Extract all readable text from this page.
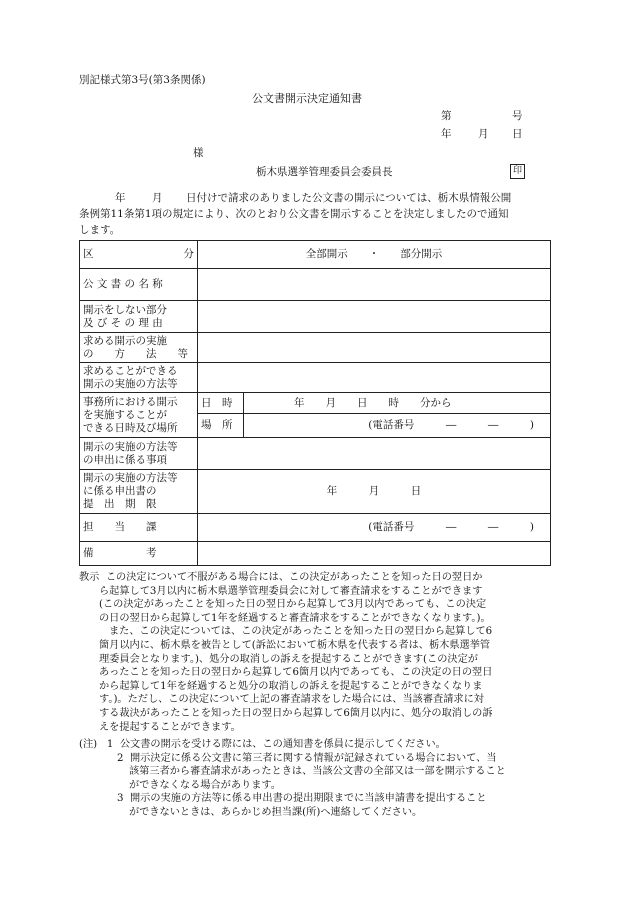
別記様式第3号(第3条関係)
公文書開示決定通知書
第	号
年	月 日
様
栃木県選挙管理委員会委員長	印
年	月 日付けで請求のありました公文書の開示については、栃木県情報公開
条例第11条第1項の規定により、次のとおり公文書を開示することを決定しましたので通知
します。
区　　　　　分	全部開示　　・　　部分開示	
公 文 書 の 名 称		

開示をしない部分
及 び そ の 理 由		

求める開示の実施
の　　方　　法　　等		

求めることができる
開示の実施の方法等		

事務所における開示
を実施することが
できる日時及び場所	日　時	年　　月　　日　　時　　分から
	場　所	(電話番号　　　―　　　―　　　)

開示の実施の方法等
の申出に係る事項		

開示の実施の方法等
に係る申出書の
提　出　期　限	年　　　月　　　日	
担　　当　　課	(電話番号　　　―　　　―　　　)	
備　　　　　考		
教示 この決定について不服がある場合には、この決定があったことを知った日の翌日か
ら起算して3月以内に栃木県選挙管理委員会に対して審査請求をすることができます
(この決定があったことを知った日の翌日から起算して3月以内であっても、この決定
の日の翌日から起算して1年を経過すると審査請求をすることができなくなります。)。
また、この決定については、この決定があったことを知った日の翌日から起算して6
箇月以内に、栃木県を被告として(訴訟において栃木県を代表する者は、栃木県選挙管
理委員会となります。)、処分の取消しの訴えを提起することができます(この決定が
あったことを知った日の翌日から起算して6箇月以内であっても、この決定の日の翌日
から起算して1年を経過すると処分の取消しの訴えを提起することができなくなりま
す。)。ただし、この決定について上記の審査請求をした場合には、当該審査請求に対
する裁決があったことを知った日の翌日から起算して6箇月以内に、処分の取消しの訴
えを提起することができます。
(注) 1 公文書の開示を受ける際には、この通知書を係員に提示してください。
2 開示決定に係る公文書に第三者に関する情報が記録されている場合において、当
該第三者から審査請求があったときは、当該公文書の全部又は一部を開示すること
ができなくなる場合があります。
3 開示の実施の方法等に係る申出書の提出期限までに当該申請書を提出すること
ができないときは、あらかじめ担当課(所)へ連絡してください。
